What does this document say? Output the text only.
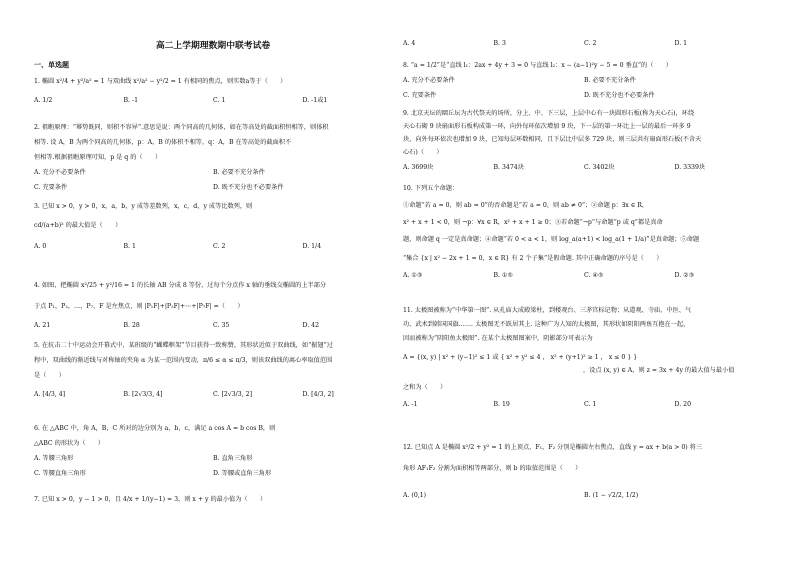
高二上学期理数期中联考试卷
一、单选题

1. 椭圆 x²/4 + y²/a² = 1 与双曲线 x²/a² − y²/2 = 1 有相同的焦点，则实数a等于（　　）

A. 1/2	B. -1	C. 1	D. -1或1

2. 祖暅原理：“幂势既同，则积不容异”.意思是说：两个同高的几何体，如在等高处的截面积恒相等，则体积

相等. 设 A，B 为两个同高的几何体，p：A，B 的体积不相等，q：A，B 在等高处的截面积不

恒相等.根据祖暅原理可知，p 是 q 的（　　）

A. 充分不必要条件	B. 必要不充分条件
C. 充要条件	D. 既不充分也不必要条件

3. 已知 x > 0，y > 0，x，a，b，y 成等差数列，x，c，d，y 成等比数列，则

cd/(a+b)² 的最大值是（　　）

A. 0	B. 1	C. 2	D. 1/4

4. 如图，把椭圆 x²/25 + y²/16 = 1 的长轴 AB 分成 8 等份，过每个分点作 x 轴的垂线交椭圆的上半部分

于点 P₁，P₂，…，P₇，F 是左焦点，则 |P₁F|+|P₂F|+⋯+|P₇F| =（　　）

A. 21	B. 28	C. 35	D. 42

5. 在抗击二十中运动会开幕式中，某班级的“蝴蝶框架”节目获得一致称赞，其形状近似于双曲线，如“振翅”过

程中，双曲线的渐近线与对称轴的夹角 α 为某一范围内变动，π/6 ≤ α ≤ π/3，则该双曲线的离心率取值范围

是（　　）

A. [4/3, 4]	B. [2√3/3, 4]	C. [2√3/3, 2]	D. [4/3, 2]

6. 在 △ABC 中，角 A，B，C 所对的边分别为 a，b，c，满足 a cos A = b cos B，则

△ABC 的形状为（　　）

A. 等腰三角形	B. 直角三角形
C. 等腰直角三角形	D. 等腰或直角三角形

7. 已知 x > 0，y − 1 > 0，且 4/x + 1/(y−1) = 3，则 x + y 的最小值为（　　）

A. 4	B. 3	C. 2	D. 1

8. “a = 1/2”是“直线 l₁：2ax + 4y + 3 = 0 与直线 l₂：x − (a−1)²y − 5 = 0 垂直”的（　　）

A. 充分不必要条件	B. 必要不充分条件
C. 充要条件	D. 既不充分也不必要条件

9. 北京天坛的圜丘坛为古代祭天的场所，分上、中、下三层，上层中心有一块圆形石板(称为天心石)，环绕

天心石砌 9 块扇面形石板构成第一环，向外每环依次增加 9 块，下一层的第一环比上一层的最后一环多 9

块，向外每环依次也增加 9 块，已知每层环数相同，且下层比中层多 729 块，则三层共有扇面形石板(不含天

心石)（　　）

A. 3699块	B. 3474块	C. 3402块	D. 3339块

10. 下列五个命题：

①命题“若 a = 0，则 ab = 0”的否命题是“若 a = 0，则 ab ≠ 0”；②命题 p：∃x ∈ R，

x² + x + 1 < 0，则 ¬p：∀x ∈ R，x² + x + 1 ≥ 0；③若命题“¬p”与命题“p 或 q”都是真命

题，则命题 q 一定是真命题；④命题“若 0 < a < 1，则 log_a(a+1) < log_a(1 + 1/a)”是真命题；⑤命题

“集合 {x | x² − 2x + 1 = 0，x ∈ R} 有 2 个子集”是假命题. 其中正确命题的序号是（　　）

A. ①③	B. ①⑤	C. ④⑤	D. ②③

11. 太极图被称为“中华第一图”. 从孔庙大成殿梁柱，到楼观台、三茅宫标记物；从道观、寺庙、中医、气

功、武术到韩国国旗……. 太极图无不跃居其上. 这种广为人知的太极图，其形状如阴阳两鱼互抱在一起，

因而被称为“阴阳鱼太极图”. 在某个太极图图案中，阴影部分可表示为

A = {(x, y) | x² + (y−1)² ≤ 1 或 { x² + y² ≤ 4 ， x² + (y+1)² ≥ 1 ， x ≤ 0 } }

，设点 (x, y) ∈ A，则 z = 3x + 4y 的最大值与最小值

之和为（　　）

A. -1	B. 19	C. 1	D. 20

12. 已知点 A 是椭圆 x²/2 + y² = 1 的上顶点，F₁，F₂ 分别是椭圆左右焦点，直线 y = ax + b(a > 0) 将三

角形 AF₁F₂ 分割为面积相等两部分，则 b 的取值范围是（　　）

A. (0,1)	B. (1 − √2/2, 1/2)
